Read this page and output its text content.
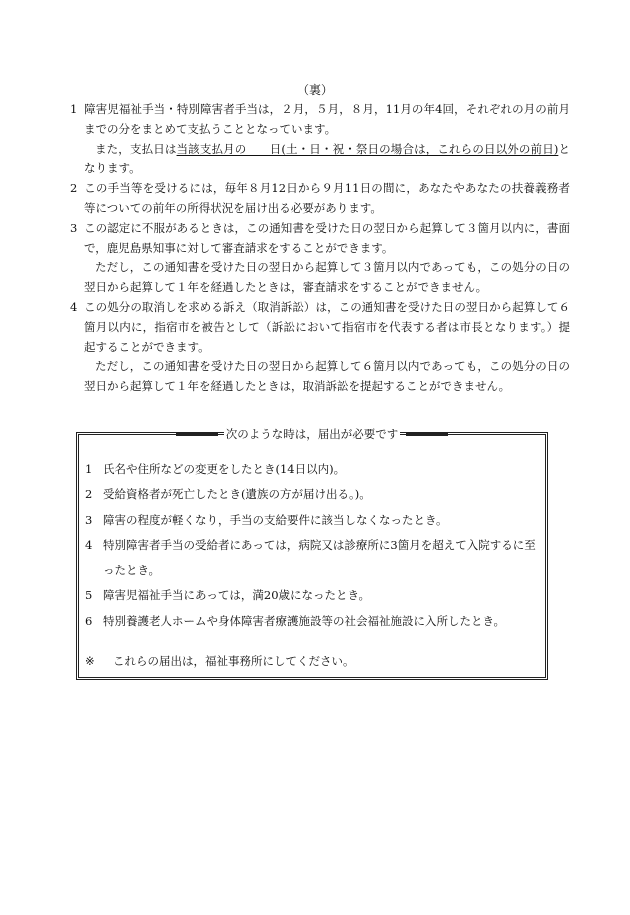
（裏）
1 障害児福祉手当・特別障害者手当は，２月，５月，８月，11月の年4回，それぞれの月の前月までの分をまとめて支払うこととなっています。
また，支払日は当該支払月の　　日(土・日・祝・祭日の場合は，これらの日以外の前日)となります。
2 この手当等を受けるには，毎年８月12日から９月11日の間に，あなたやあなたの扶養義務者等についての前年の所得状況を届け出る必要があります。
3 この認定に不服があるときは，この通知書を受けた日の翌日から起算して３箇月以内に，書面で，鹿児島県知事に対して審査請求をすることができます。
ただし，この通知書を受けた日の翌日から起算して３箇月以内であっても，この処分の日の翌日から起算して１年を経過したときは，審査請求をすることができません。
4 この処分の取消しを求める訴え（取消訴訟）は，この通知書を受けた日の翌日から起算して６箇月以内に，指宿市を被告として（訴訟において指宿市を代表する者は市長となります。）提起することができます。
ただし，この通知書を受けた日の翌日から起算して６箇月以内であっても，この処分の日の翌日から起算して１年を経過したときは，取消訴訟を提起することができません。
次のような時は，届出が必要です
1 氏名や住所などの変更をしたとき(14日以内)。
2 受給資格者が死亡したとき(遺族の方が届け出る。)。
3 障害の程度が軽くなり，手当の支給要件に該当しなくなったとき。
4 特別障害者手当の受給者にあっては，病院又は診療所に3箇月を超えて入院するに至ったとき。
5 障害児福祉手当にあっては，満20歳になったとき。
6 特別養護老人ホームや身体障害者療護施設等の社会福祉施設に入所したとき。
※ これらの届出は，福祉事務所にしてください。
